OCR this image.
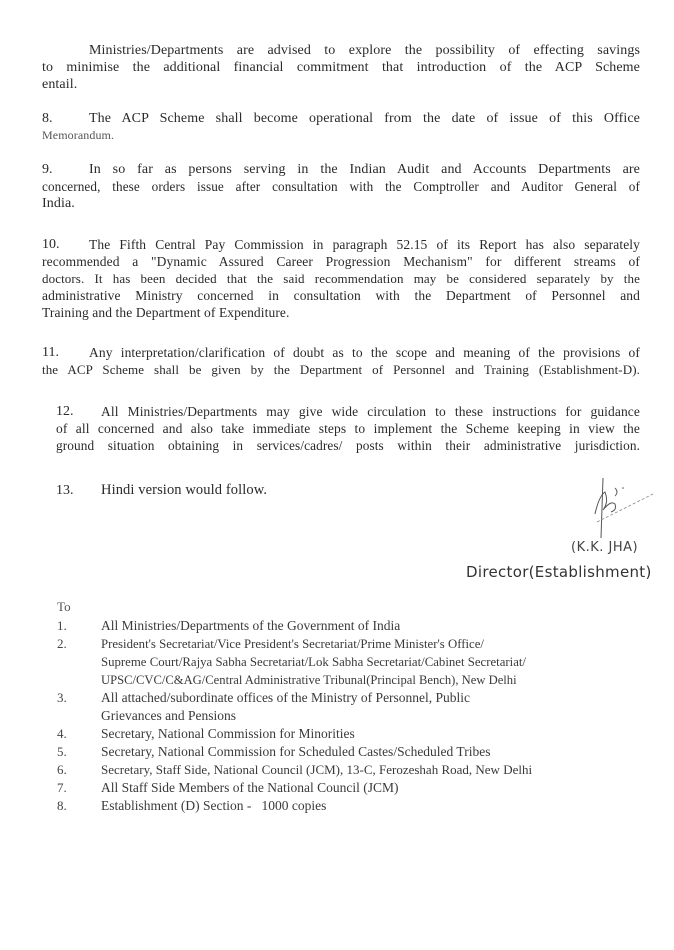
Ministries/Departments are advised to explore the possibility of effecting savings
to minimise the additional financial commitment that introduction of the ACP Scheme
entail.
8.	The ACP Scheme shall become operational from the date of issue of this Office
Memorandum.
9.	In so far as persons serving in the Indian Audit and Accounts Departments are
concerned, these orders issue after consultation with the Comptroller and Auditor General of
India.
10. The Fifth Central Pay Commission in paragraph 52.15 of its Report has also separately
recommended a "Dynamic Assured Career Progression Mechanism" for different streams of
doctors. It has been decided that the said recommendation may be considered separately by the
administrative Ministry concerned in consultation with the Department of Personnel and
Training and the Department of Expenditure.
11. Any interpretation/clarification of doubt as to the scope and meaning of the provisions of
the ACP Scheme shall be given by the Department of Personnel and Training (Establishment-D).
12. All Ministries/Departments may give wide circulation to these instructions for guidance
of all concerned and also take immediate steps to implement the Scheme keeping in view the
ground situation obtaining in services/cadres/ posts within their administrative jurisdiction.
13. Hindi version would follow.
(K.K. JHA)
Director(Establishment)
To
1.	All Ministries/Departments of the Government of India
2.	President's Secretariat/Vice President's Secretariat/Prime Minister's Office/
Supreme Court/Rajya Sabha Secretariat/Lok Sabha Secretariat/Cabinet Secretariat/
UPSC/CVC/C&AG/Central Administrative Tribunal(Principal Bench), New Delhi
3.	All attached/subordinate offices of the Ministry of Personnel, Public
Grievances and Pensions
4.	Secretary, National Commission for Minorities
5.	Secretary, National Commission for Scheduled Castes/Scheduled Tribes
6.	Secretary, Staff Side, National Council (JCM), 13-C, Ferozeshah Road, New Delhi
7.	All Staff Side Members of the National Council (JCM)
8.	Establishment (D) Section -   1000 copies
